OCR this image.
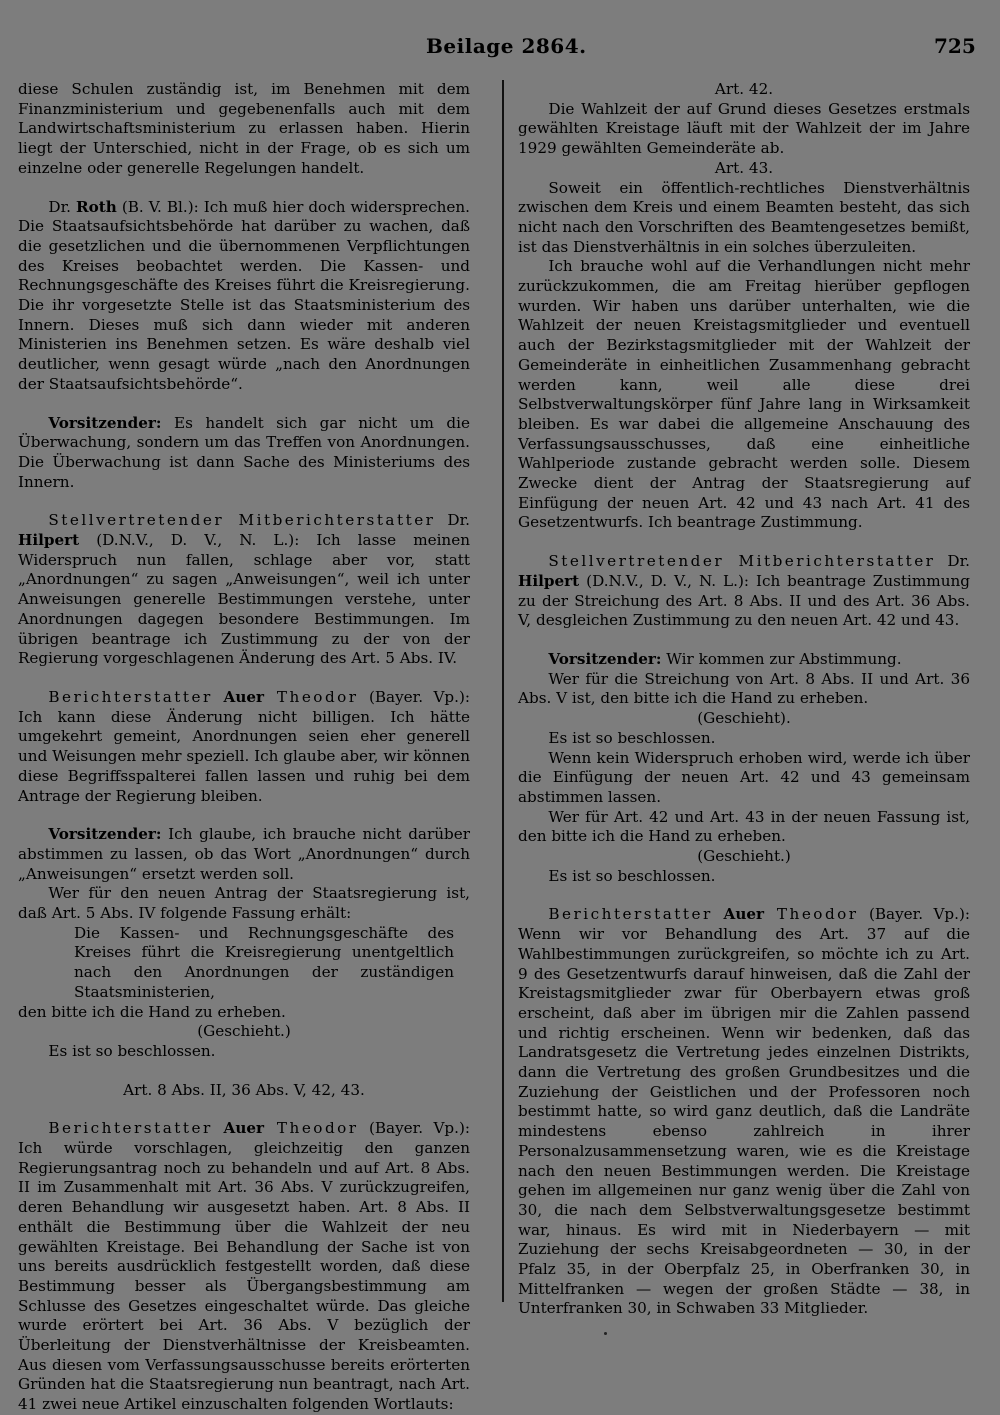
Beilage 2864.	725

diese Schulen zuständig ist, im Benehmen mit dem Finanzministerium und gegebenenfalls auch mit dem Landwirtschaftsministerium zu erlassen haben. Hierin liegt der Unterschied, nicht in der Frage, ob es sich um einzelne oder generelle Regelungen handelt.

Dr. Roth (B. V. Bl.): Ich muß hier doch widersprechen. Die Staatsaufsichtsbehörde hat darüber zu wachen, daß die gesetzlichen und die übernommenen Verpflichtungen des Kreises beobachtet werden. Die Kassen- und Rechnungsgeschäfte des Kreises führt die Kreisregierung. Die ihr vorgesetzte Stelle ist das Staatsministerium des Innern. Dieses muß sich dann wieder mit anderen Ministerien ins Benehmen setzen. Es wäre deshalb viel deutlicher, wenn gesagt würde „nach den Anordnungen der Staatsaufsichtsbehörde“.

Vorsitzender: Es handelt sich gar nicht um die Überwachung, sondern um das Treffen von Anordnungen. Die Überwachung ist dann Sache des Ministeriums des Innern.

Stellvertretender Mitberichterstatter Dr. Hilpert (D.N.V., D. V., N. L.): Ich lasse meinen Widerspruch nun fallen, schlage aber vor, statt „Anordnungen“ zu sagen „Anweisungen“, weil ich unter Anweisungen generelle Bestimmungen verstehe, unter Anordnungen dagegen besondere Bestimmungen. Im übrigen beantrage ich Zustimmung zu der von der Regierung vorgeschlagenen Änderung des Art. 5 Abs. IV.

Berichterstatter Auer Theodor (Bayer. Vp.): Ich kann diese Änderung nicht billigen. Ich hätte umgekehrt gemeint, Anordnungen seien eher generell und Weisungen mehr speziell. Ich glaube aber, wir können diese Begriffsspalterei fallen lassen und ruhig bei dem Antrage der Regierung bleiben.

Vorsitzender: Ich glaube, ich brauche nicht darüber abstimmen zu lassen, ob das Wort „Anordnungen“ durch „Anweisungen“ ersetzt werden soll.

Wer für den neuen Antrag der Staatsregierung ist, daß Art. 5 Abs. IV folgende Fassung erhält:

Die Kassen- und Rechnungsgeschäfte des Kreises führt die Kreisregierung unentgeltlich nach den Anordnungen der zuständigen Staatsministerien,

den bitte ich die Hand zu erheben.

(Geschieht.)

Es ist so beschlossen.

Art. 8 Abs. II, 36 Abs. V, 42, 43.

Berichterstatter Auer Theodor (Bayer. Vp.): Ich würde vorschlagen, gleichzeitig den ganzen Regierungsantrag noch zu behandeln und auf Art. 8 Abs. II im Zusammenhalt mit Art. 36 Abs. V zurückzugreifen, deren Behandlung wir ausgesetzt haben. Art. 8 Abs. II enthält die Bestimmung über die Wahlzeit der neu gewählten Kreistage. Bei Behandlung der Sache ist von uns bereits ausdrücklich festgestellt worden, daß diese Bestimmung besser als Übergangsbestimmung am Schlusse des Gesetzes eingeschaltet würde. Das gleiche wurde erörtert bei Art. 36 Abs. V bezüglich der Überleitung der Dienstverhältnisse der Kreisbeamten. Aus diesen vom Verfassungsausschusse bereits erörterten Gründen hat die Staatsregierung nun beantragt, nach Art. 41 zwei neue Artikel einzuschalten folgenden Wortlauts:

Art. 42.

Die Wahlzeit der auf Grund dieses Gesetzes erstmals gewählten Kreistage läuft mit der Wahlzeit der im Jahre 1929 gewählten Gemeinderäte ab.

Art. 43.

Soweit ein öffentlich-rechtliches Dienstverhältnis zwischen dem Kreis und einem Beamten besteht, das sich nicht nach den Vorschriften des Beamtengesetzes bemißt, ist das Dienstverhältnis in ein solches überzuleiten.

Ich brauche wohl auf die Verhandlungen nicht mehr zurückzukommen, die am Freitag hierüber gepflogen wurden. Wir haben uns darüber unterhalten, wie die Wahlzeit der neuen Kreistagsmitglieder und eventuell auch der Bezirkstagsmitglieder mit der Wahlzeit der Gemeinderäte in einheitlichen Zusammenhang gebracht werden kann, weil alle diese drei Selbstverwaltungskörper fünf Jahre lang in Wirksamkeit bleiben. Es war dabei die allgemeine Anschauung des Verfassungsausschusses, daß eine einheitliche Wahlperiode zustande gebracht werden solle. Diesem Zwecke dient der Antrag der Staatsregierung auf Einfügung der neuen Art. 42 und 43 nach Art. 41 des Gesetzentwurfs. Ich beantrage Zustimmung.

Stellvertretender Mitberichterstatter Dr. Hilpert (D.N.V., D. V., N. L.): Ich beantrage Zustimmung zu der Streichung des Art. 8 Abs. II und des Art. 36 Abs. V, desgleichen Zustimmung zu den neuen Art. 42 und 43.

Vorsitzender: Wir kommen zur Abstimmung.

Wer für die Streichung von Art. 8 Abs. II und Art. 36 Abs. V ist, den bitte ich die Hand zu erheben.

(Geschieht).

Es ist so beschlossen.

Wenn kein Widerspruch erhoben wird, werde ich über die Einfügung der neuen Art. 42 und 43 gemeinsam abstimmen lassen.

Wer für Art. 42 und Art. 43 in der neuen Fassung ist, den bitte ich die Hand zu erheben.

(Geschieht.)

Es ist so beschlossen.

Berichterstatter Auer Theodor (Bayer. Vp.): Wenn wir vor Behandlung des Art. 37 auf die Wahlbestimmungen zurückgreifen, so möchte ich zu Art. 9 des Gesetzentwurfs darauf hinweisen, daß die Zahl der Kreistagsmitglieder zwar für Oberbayern etwas groß erscheint, daß aber im übrigen mir die Zahlen passend und richtig erscheinen. Wenn wir bedenken, daß das Landratsgesetz die Vertretung jedes einzelnen Distrikts, dann die Vertretung des großen Grundbesitzes und die Zuziehung der Geistlichen und der Professoren noch bestimmt hatte, so wird ganz deutlich, daß die Landräte mindestens ebenso zahlreich in ihrer Personalzusammensetzung waren, wie es die Kreistage nach den neuen Bestimmungen werden. Die Kreistage gehen im allgemeinen nur ganz wenig über die Zahl von 30, die nach dem Selbstverwaltungsgesetze bestimmt war, hinaus. Es wird mit in Niederbayern — mit Zuziehung der sechs Kreisabgeordneten — 30, in der Pfalz 35, in der Oberpfalz 25, in Oberfranken 30, in Mittelfranken — wegen der großen Städte — 38, in Unterfranken 30, in Schwaben 33 Mitglieder.
